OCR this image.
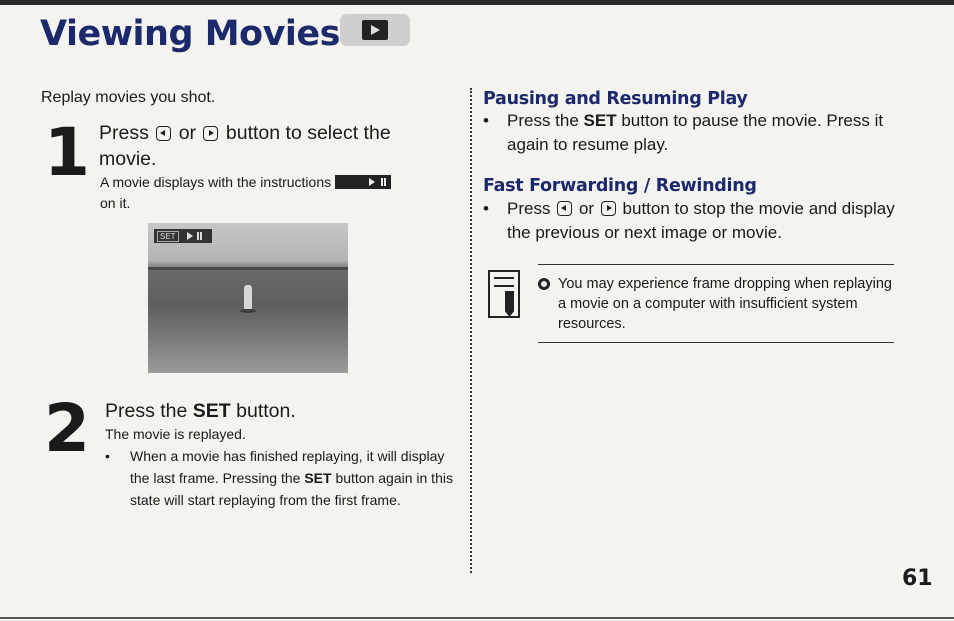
Viewing Movies
Replay movies you shot.
1 Press or button to select the movie.
A movie displays with the instructions

on it.
SET
2 Press the SET button.
The movie is replayed.
•	When a movie has finished replaying, it will display the last frame. Pressing the SET button again in this state will start replaying from the first frame.
Pausing and Resuming Play
•	Press the SET button to pause the movie. Press it again to resume play.
Fast Forwarding / Rewinding
•	Press or button to stop the movie and display the previous or next image or movie.
You may experience frame dropping when replaying a movie on a computer with insufficient system resources.
61
